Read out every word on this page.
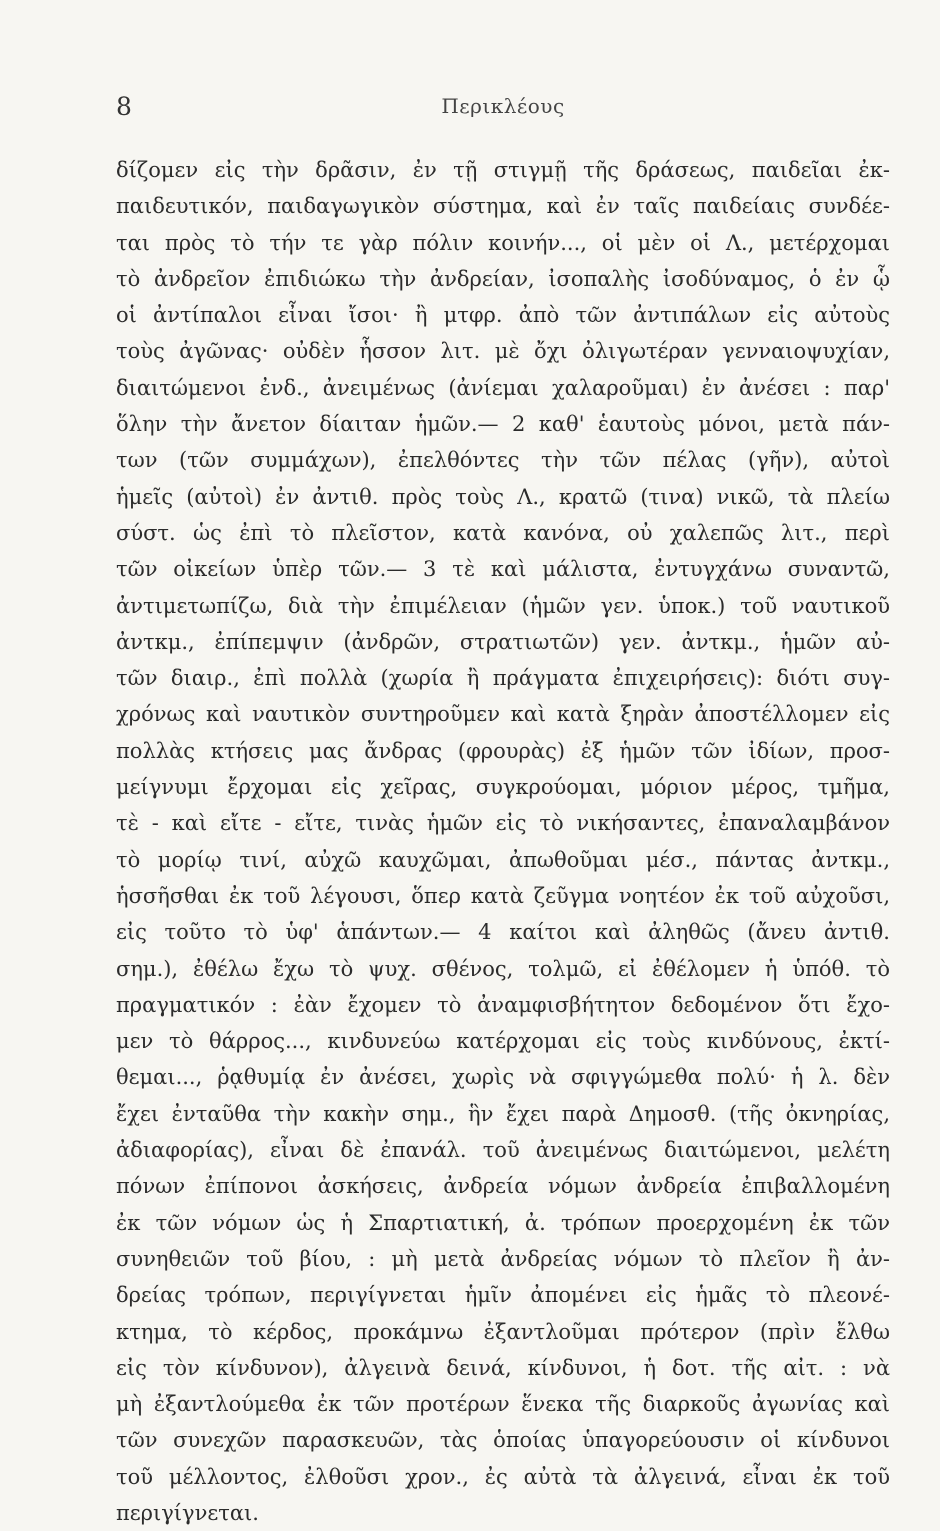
8	Περικλέους
δίζομεν εἰς τὴν δρᾶσιν, ἐν τῇ στιγμῇ τῆς δράσεως, παιδεῖαι ἐκ-
παιδευτικόν, παιδαγωγικὸν σύστημα, καὶ ἐν ταῖς παιδείαις συνδέε-
ται πρὸς τὸ τήν τε γὰρ πόλιν κοινήν..., οἱ μὲν οἱ Λ., μετέρχομαι
τὸ ἀνδρεῖον ἐπιδιώκω τὴν ἀνδρείαν, ἰσοπαλὴς ἰσοδύναμος, ὁ ἐν ᾧ
οἱ ἀντίπαλοι εἶναι ἴσοι· ἢ μτφρ. ἀπὸ τῶν ἀντιπάλων εἰς αὐτοὺς
τοὺς ἀγῶνας· οὐδὲν ἧσσον λιτ. μὲ ὄχι ὀλιγωτέραν γενναιοψυχίαν,
διαιτώμενοι ἐνδ., ἀνειμένως (ἀνίεμαι χαλαροῦμαι) ἐν ἀνέσει : παρ'
ὅλην τὴν ἄνετον δίαιταν ἡμῶν.— 2 καθ' ἑαυτοὺς μόνοι, μετὰ πάν-
των (τῶν συμμάχων), ἐπελθόντες τὴν τῶν πέλας (γῆν), αὐτοὶ
ἡμεῖς (αὐτοὶ) ἐν ἀντιθ. πρὸς τοὺς Λ., κρατῶ (τινα) νικῶ, τὰ πλείω
σύστ. ὡς ἐπὶ τὸ πλεῖστον, κατὰ κανόνα, οὐ χαλεπῶς λιτ., περὶ
τῶν οἰκείων ὑπὲρ τῶν.— 3 τὲ καὶ μάλιστα, ἐντυγχάνω συναντῶ,
ἀντιμετωπίζω, διὰ τὴν ἐπιμέλειαν (ἡμῶν γεν. ὑποκ.) τοῦ ναυτικοῦ
ἀντκμ., ἐπίπεμψιν (ἀνδρῶν, στρατιωτῶν) γεν. ἀντκμ., ἡμῶν αὐ-
τῶν διαιρ., ἐπὶ πολλὰ (χωρία ἢ πράγματα ἐπιχειρήσεις): διότι συγ-
χρόνως καὶ ναυτικὸν συντηροῦμεν καὶ κατὰ ξηρὰν ἀποστέλλομεν εἰς
πολλὰς κτήσεις μας ἄνδρας (φρουρὰς) ἐξ ἡμῶν τῶν ἰδίων, προσ-
μείγνυμι ἔρχομαι εἰς χεῖρας, συγκρούομαι, μόριον μέρος, τμῆμα,
τὲ - καὶ εἴτε - εἴτε, τινὰς ἡμῶν εἰς τὸ νικήσαντες, ἐπαναλαμβάνον
τὸ μορίῳ τινί, αὐχῶ καυχῶμαι, ἀπωθοῦμαι μέσ., πάντας ἀντκμ.,
ἡσσῆσθαι ἐκ τοῦ λέγουσι, ὅπερ κατὰ ζεῦγμα νοητέον ἐκ τοῦ αὐχοῦσι,
εἰς τοῦτο τὸ ὑφ' ἁπάντων.— 4 καίτοι καὶ ἀληθῶς (ἄνευ ἀντιθ.
σημ.), ἐθέλω ἔχω τὸ ψυχ. σθένος, τολμῶ, εἰ ἐθέλομεν ἡ ὑπόθ. τὸ
πραγματικόν : ἐὰν ἔχομεν τὸ ἀναμφισβήτητον δεδομένον ὅτι ἔχο-
μεν τὸ θάρρος..., κινδυνεύω κατέρχομαι εἰς τοὺς κινδύνους, ἐκτί-
θεμαι..., ῥᾳθυμίᾳ ἐν ἀνέσει, χωρὶς νὰ σφιγγώμεθα πολύ· ἡ λ. δὲν
ἔχει ἐνταῦθα τὴν κακὴν σημ., ἣν ἔχει παρὰ Δημοσθ. (τῆς ὀκνηρίας,
ἀδιαφορίας), εἶναι δὲ ἐπανάλ. τοῦ ἀνειμένως διαιτώμενοι, μελέτη
πόνων ἐπίπονοι ἀσκήσεις, ἀνδρεία νόμων ἀνδρεία ἐπιβαλλομένη
ἐκ τῶν νόμων ὡς ἡ Σπαρτιατική, ἀ. τρόπων προερχομένη ἐκ τῶν
συνηθειῶν τοῦ βίου, : μὴ μετὰ ἀνδρείας νόμων τὸ πλεῖον ἢ ἀν-
δρείας τρόπων, περιγίγνεται ἡμῖν ἀπομένει εἰς ἡμᾶς τὸ πλεονέ-
κτημα, τὸ κέρδος, προκάμνω ἐξαντλοῦμαι πρότερον (πρὶν ἔλθω
εἰς τὸν κίνδυνον), ἀλγεινὰ δεινά, κίνδυνοι, ἡ δοτ. τῆς αἰτ. : νὰ
μὴ ἐξαντλούμεθα ἐκ τῶν προτέρων ἕνεκα τῆς διαρκοῦς ἀγωνίας καὶ
τῶν συνεχῶν παρασκευῶν, τὰς ὁποίας ὑπαγορεύουσιν οἱ κίνδυνοι
τοῦ μέλλοντος, ἐλθοῦσι χρον., ἐς αὐτὰ τὰ ἀλγεινά, εἶναι ἐκ τοῦ
περιγίγνεται.
